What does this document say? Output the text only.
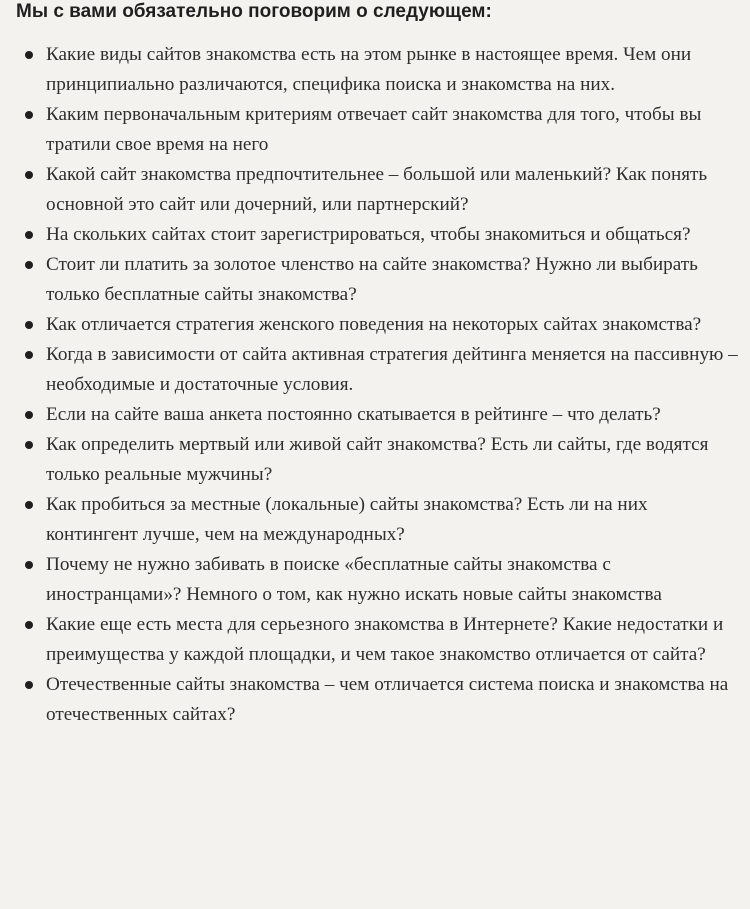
Мы с вами обязательно поговорим о следующем:

Какие виды сайтов знакомства есть на этом рынке в настоящее время. Чем они принципиально различаются, специфика поиска и знакомства на них.
Каким первоначальным критериям отвечает сайт знакомства для того, чтобы вы тратили свое время на него
Какой сайт знакомства предпочтительнее – большой или маленький? Как понять основной это сайт или дочерний, или партнерский?
На скольких сайтах стоит зарегистрироваться, чтобы знакомиться и общаться?
Стоит ли платить за золотое членство на сайте знакомства? Нужно ли выбирать только бесплатные сайты знакомства?
Как отличается стратегия женского поведения на некоторых сайтах знакомства?
Когда в зависимости от сайта активная стратегия дейтинга меняется на пассивную – необходимые и достаточные условия.
Если на сайте ваша анкета постоянно скатывается в рейтинге – что делать?
Как определить мертвый или живой сайт знакомства? Есть ли сайты, где водятся только реальные мужчины?
Как пробиться за местные (локальные) сайты знакомства? Есть ли на них контингент лучше, чем на международных?
Почему не нужно забивать в поиске «бесплатные сайты знакомства с иностранцами»? Немного о том, как нужно искать новые сайты знакомства
Какие еще есть места для серьезного знакомства в Интернете? Какие недостатки и преимущества у каждой площадки, и чем такое знакомство отличается от сайта?
Отечественные сайты знакомства – чем отличается система поиска и знакомства на отечественных сайтах?
